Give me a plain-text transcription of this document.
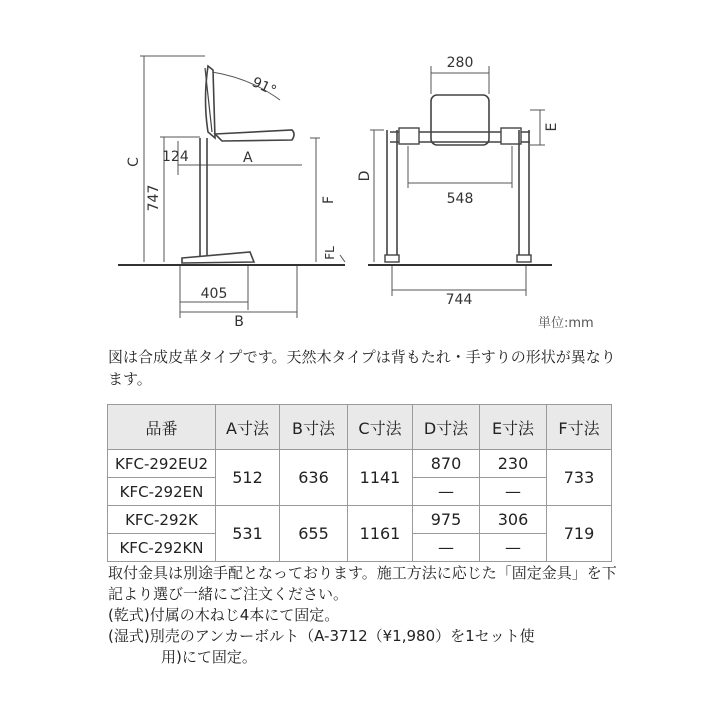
91°
C 124	A
747	F
FL
405
B
280
E
D
548
744
単位:mm
図は合成皮革タイプです。天然木タイプは背もたれ・手すりの形状が異なります。
品番	A寸法	B寸法	C寸法	D寸法	E寸法	F寸法
KFC-292EU2	512	636	1141	870	230	733
KFC-292EN				—	—	
KFC-292K	531	655	1161	975	306	719
KFC-292KN				—	—	

取付金具は別途手配となっております。施工方法に応じた「固定金具」を下記より選び一緒にご注文ください。

(乾式)付属の木ねじ4本にて固定。

(湿式)別売のアンカーボルト（A-3712（¥1,980）を1セット使

用)にて固定。
